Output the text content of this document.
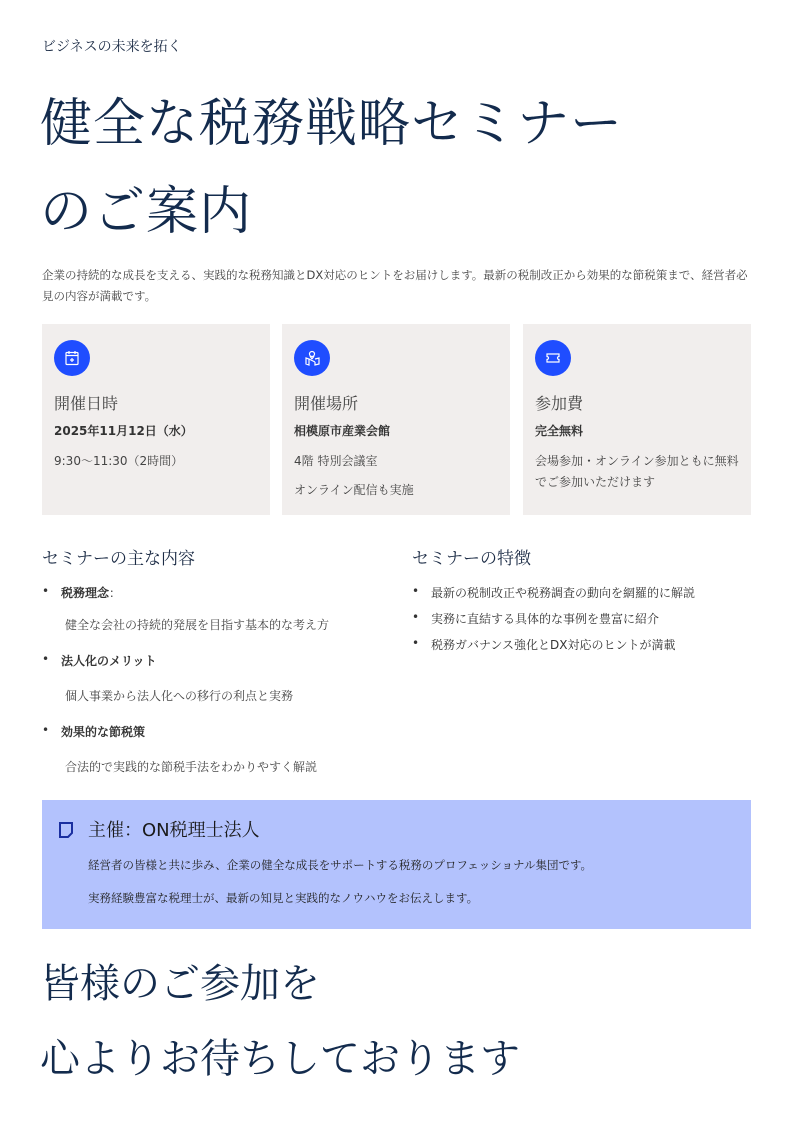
ビジネスの未来を拓く
健全な税務戦略セミナー
のご案内
企業の持続的な成長を支える、実践的な税務知識とDX対応のヒントをお届けします。最新の税制改正から効果的な節税策まで、経営者必見の内容が満載です。
開催日時
2025年11月12日（水）
9:30〜11:30（2時間）
開催場所
相模原市産業会館
4階 特別会議室
オンライン配信も実施
参加費
完全無料
会場参加・オンライン参加ともに無料でご参加いただけます
セミナーの主な内容
• 税務理念：
健全な会社の持続的発展を目指す基本的な考え方
• 法人化のメリット
個人事業から法人化への移行の利点と実務
• 効果的な節税策
合法的で実践的な節税手法をわかりやすく解説
セミナーの特徴
• 最新の税制改正や税務調査の動向を網羅的に解説
• 実務に直結する具体的な事例を豊富に紹介
• 税務ガバナンス強化とDX対応のヒントが満載
主催：ON税理士法人
経営者の皆様と共に歩み、企業の健全な成長をサポートする税務のプロフェッショナル集団です。
実務経験豊富な税理士が、最新の知見と実践的なノウハウをお伝えします。
皆様のご参加を
心よりお待ちしております
